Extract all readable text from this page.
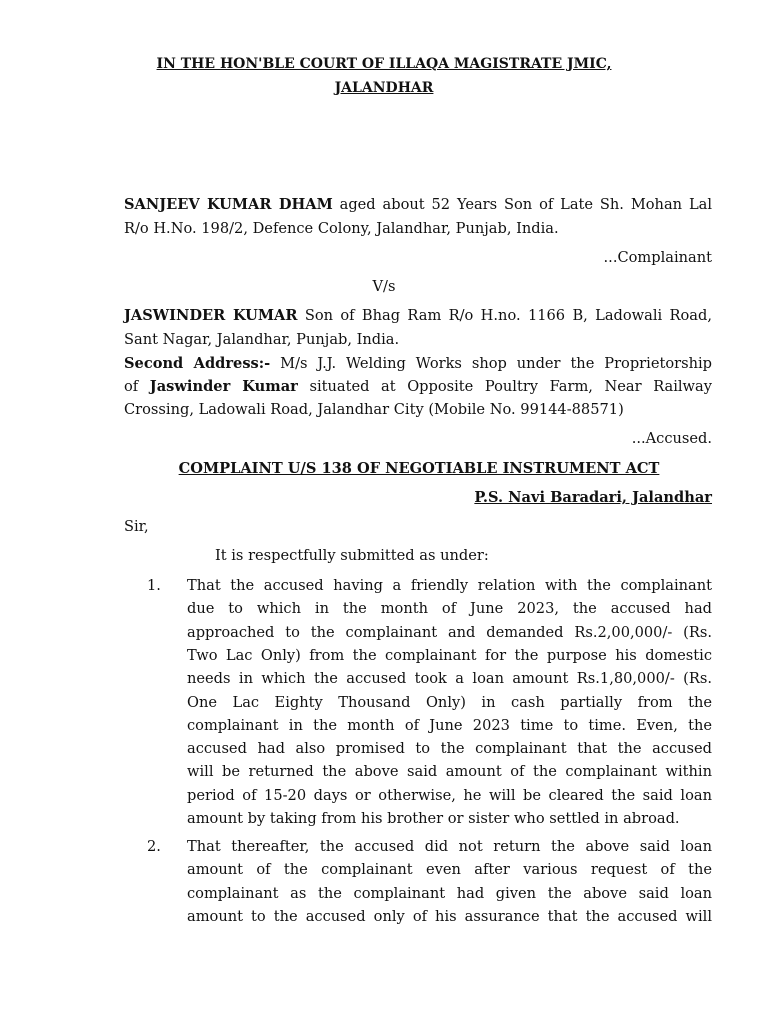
IN THE HON'BLE COURT OF ILLAQA MAGISTRATE JMIC,
JALANDHAR
SANJEEV KUMAR DHAM aged about 52 Years Son of Late Sh. Mohan Lal
R/o H.No. 198/2, Defence Colony, Jalandhar, Punjab, India.
...Complainant
V/s
JASWINDER KUMAR Son of Bhag Ram R/o H.no. 1166 B, Ladowali Road,
Sant Nagar, Jalandhar, Punjab, India.
Second Address:- M/s J.J. Welding Works shop under the Proprietorship
of Jaswinder Kumar situated at Opposite Poultry Farm, Near Railway
Crossing, Ladowali Road, Jalandhar City (Mobile No. 99144-88571)
...Accused.
COMPLAINT U/S 138 OF NEGOTIABLE INSTRUMENT ACT
P.S. Navi Baradari, Jalandhar
Sir,
It is respectfully submitted as under:
1. That the accused having a friendly relation with the complainant
due to which in the month of June 2023, the accused had
approached to the complainant and demanded Rs.2,00,000/- (Rs.
Two Lac Only) from the complainant for the purpose his domestic
needs in which the accused took a loan amount Rs.1,80,000/- (Rs.
One Lac Eighty Thousand Only) in cash partially from the
complainant in the month of June 2023 time to time. Even, the
accused had also promised to the complainant that the accused
will be returned the above said amount of the complainant within
period of 15-20 days or otherwise, he will be cleared the said loan
amount by taking from his brother or sister who settled in abroad.
2. That thereafter, the accused did not return the above said loan
amount of the complainant even after various request of the
complainant as the complainant had given the above said loan
amount to the accused only of his assurance that the accused will
